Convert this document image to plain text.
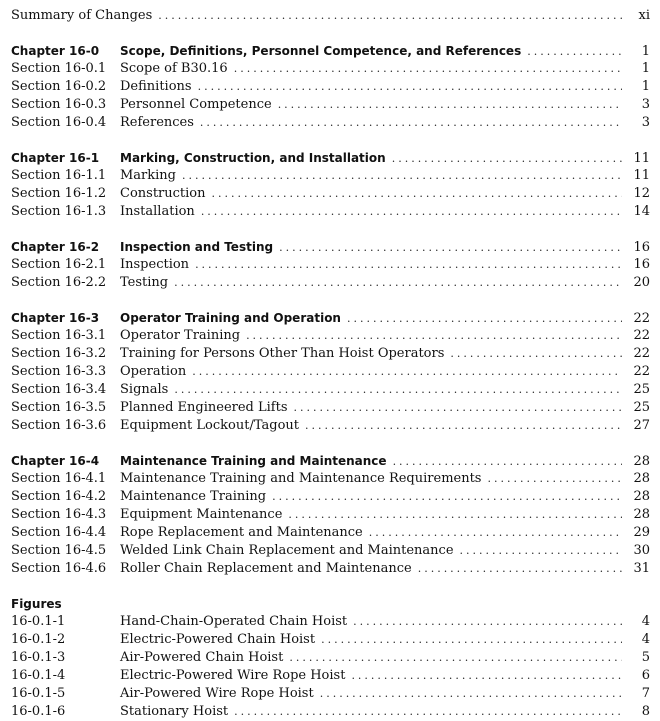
Summary of Changes .....	xi
Chapter 16-0	Scope, Definitions, Personnel Competence, and References .....	1
Section 16-0.1	Scope of B30.16 .....	1
Section 16-0.2	Definitions .....	1
Section 16-0.3	Personnel Competence .....	3
Section 16-0.4	References .....	3
Chapter 16-1	Marking, Construction, and Installation .....	11
Section 16-1.1	Marking .....	11
Section 16-1.2	Construction .....	12
Section 16-1.3	Installation .....	14
Chapter 16-2	Inspection and Testing .....	16
Section 16-2.1	Inspection .....	16
Section 16-2.2	Testing .....	20
Chapter 16-3	Operator Training and Operation .....	22
Section 16-3.1	Operator Training .....	22
Section 16-3.2	Training for Persons Other Than Hoist Operators .....	22
Section 16-3.3	Operation .....	22
Section 16-3.4	Signals .....	25
Section 16-3.5	Planned Engineered Lifts .....	25
Section 16-3.6	Equipment Lockout/Tagout .....	27
Chapter 16-4	Maintenance Training and Maintenance .....	28
Section 16-4.1	Maintenance Training and Maintenance Requirements .....	28
Section 16-4.2	Maintenance Training .....	28
Section 16-4.3	Equipment Maintenance .....	28
Section 16-4.4	Rope Replacement and Maintenance .....	29
Section 16-4.5	Welded Link Chain Replacement and Maintenance .....	30
Section 16-4.6	Roller Chain Replacement and Maintenance .....	31
Figures
16-0.1-1	Hand-Chain-Operated Chain Hoist .....	4
16-0.1-2	Electric-Powered Chain Hoist .....	4
16-0.1-3	Air-Powered Chain Hoist .....	5
16-0.1-4	Electric-Powered Wire Rope Hoist .....	6
16-0.1-5	Air-Powered Wire Rope Hoist .....	7
16-0.1-6	Stationary Hoist .....	8
